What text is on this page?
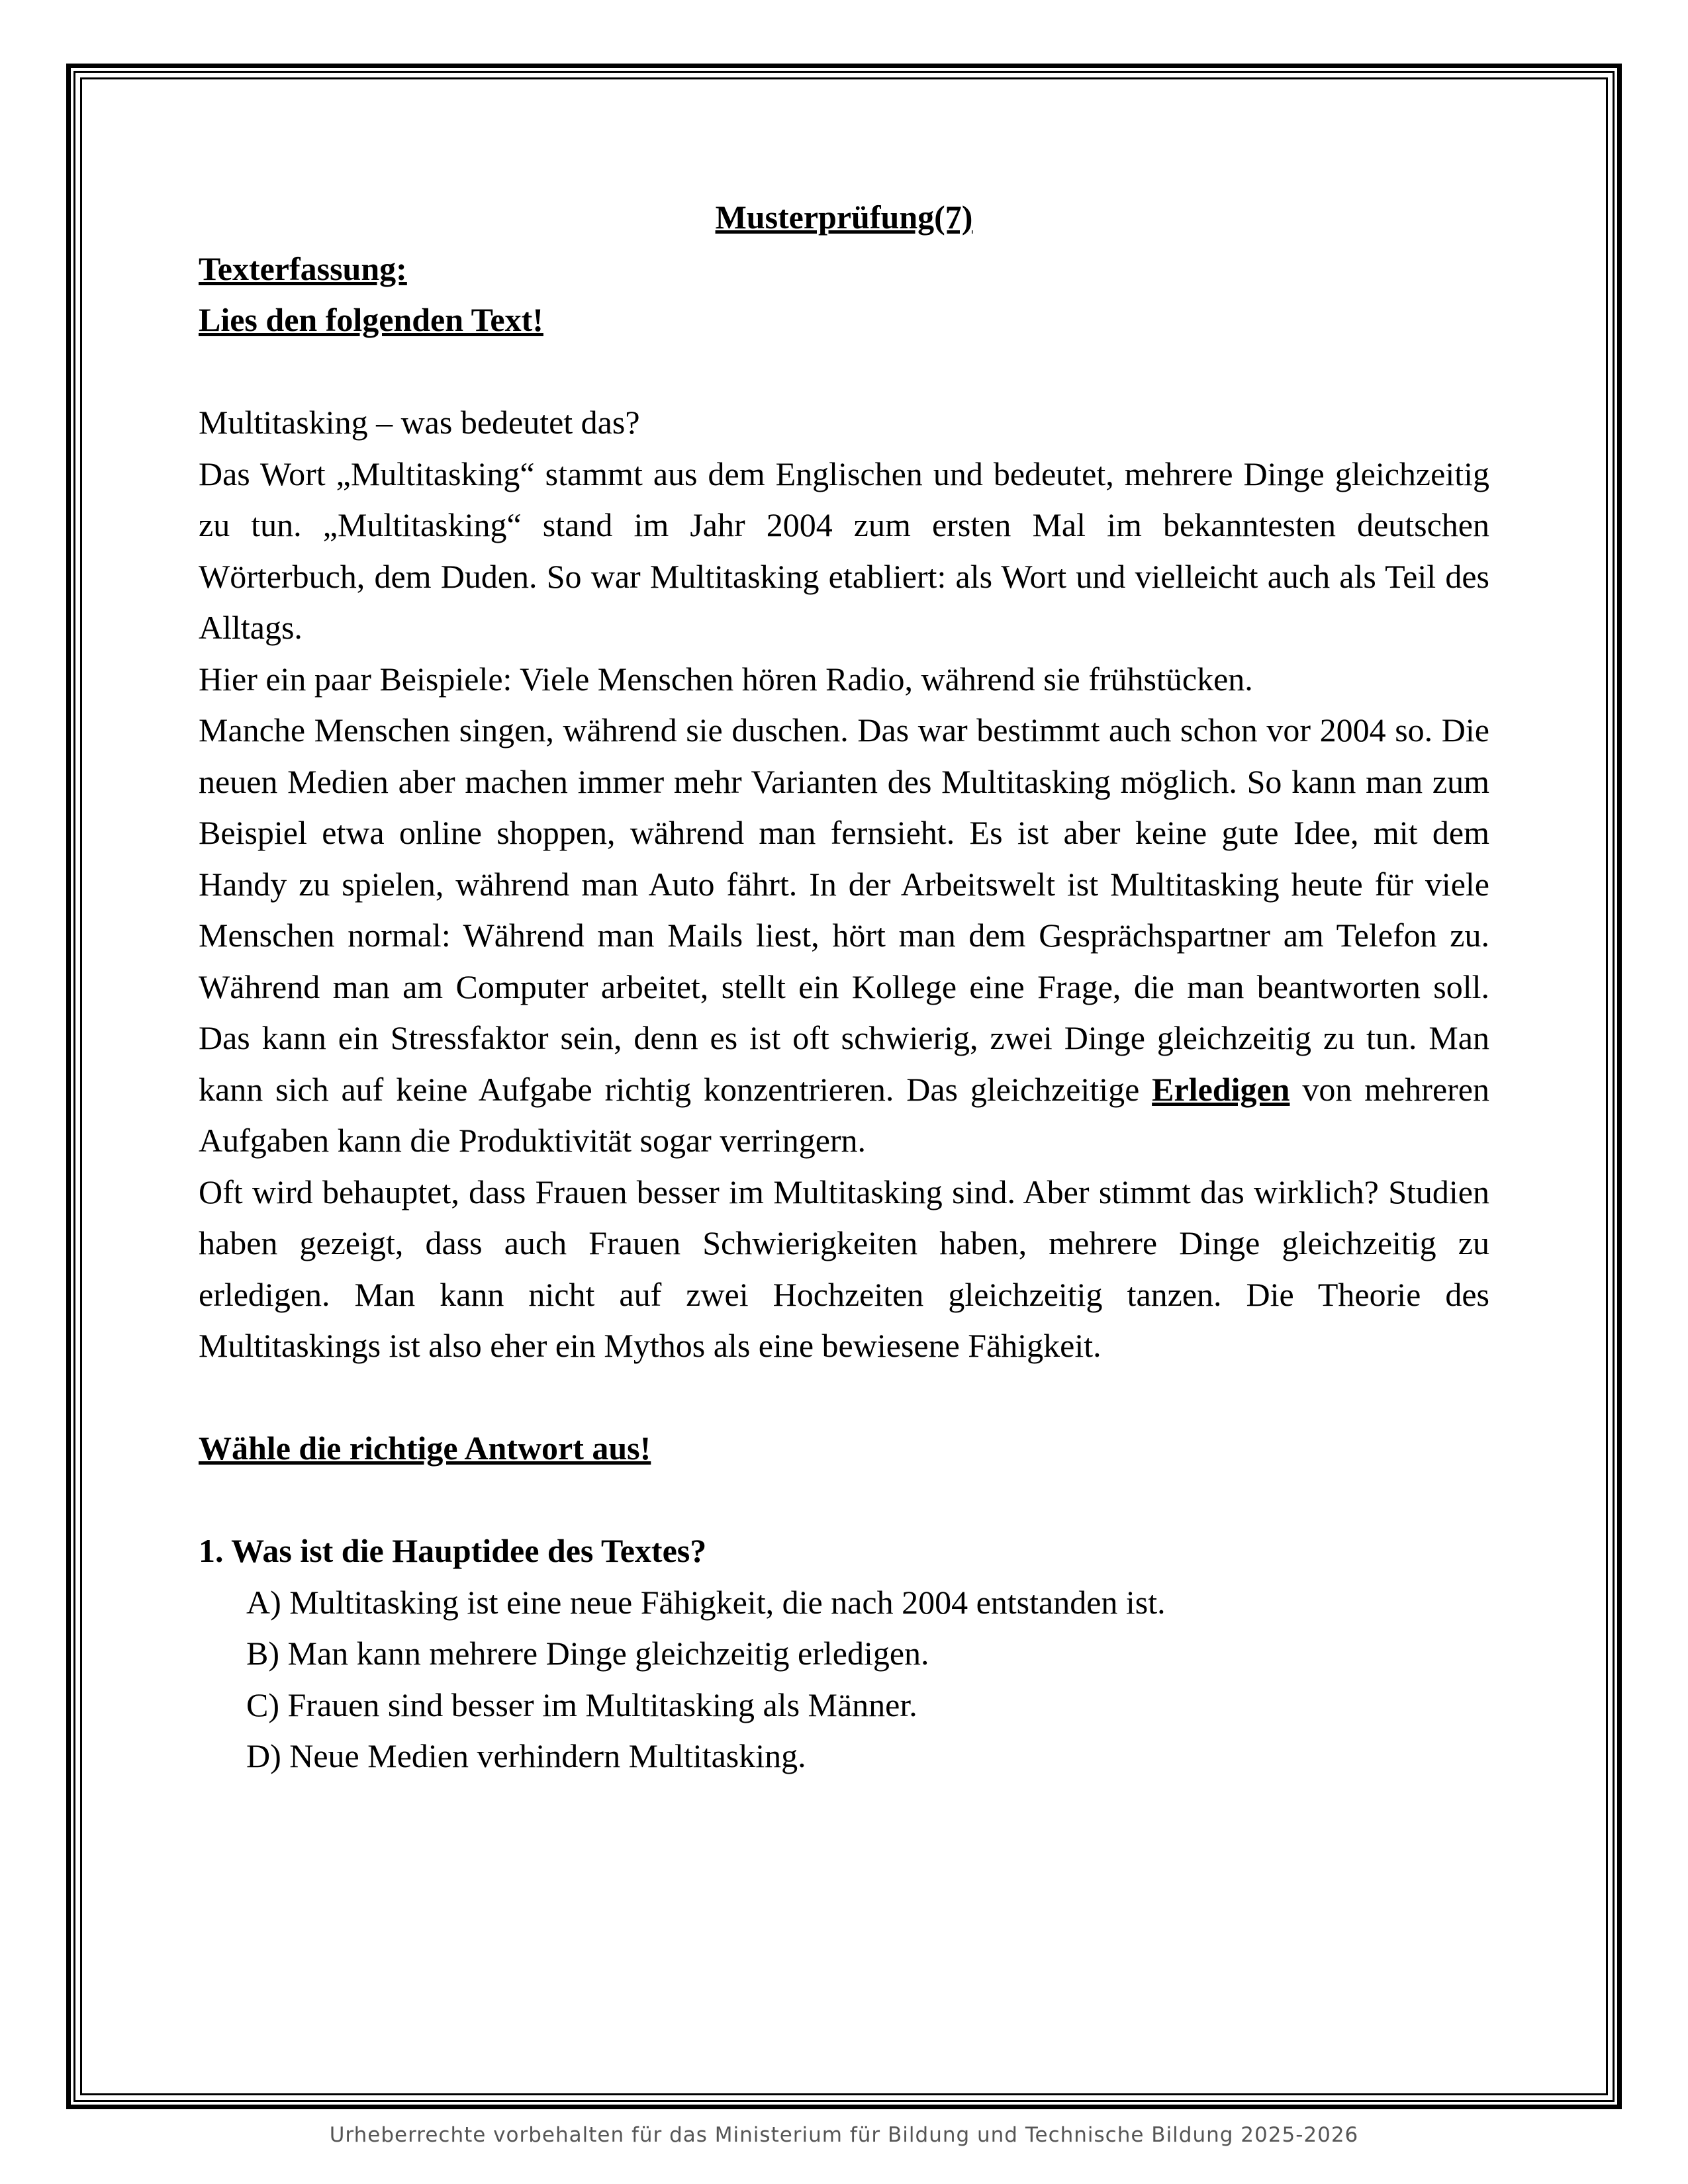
Musterprüfung(7)

Texterfassung:

Lies den folgenden Text!

Multitasking – was bedeutet das?

Das Wort „Multitasking“ stammt aus dem Englischen und bedeutet, mehrere Dinge gleichzeitig zu tun. „Multitasking“ stand im Jahr 2004 zum ersten Mal im bekanntesten deutschen Wörterbuch, dem Duden. So war Multitasking etabliert: als Wort und vielleicht auch als Teil des Alltags.

Hier ein paar Beispiele: Viele Menschen hören Radio, während sie frühstücken.

Manche Menschen singen, während sie duschen. Das war bestimmt auch schon vor 2004 so. Die neuen Medien aber machen immer mehr Varianten des Multitasking möglich. So kann man zum Beispiel etwa online shoppen, während man fernsieht. Es ist aber keine gute Idee, mit dem Handy zu spielen, während man Auto fährt. In der Arbeitswelt ist Multitasking heute für viele Menschen normal: Während man Mails liest, hört man dem Gesprächspartner am Telefon zu. Während man am Computer arbeitet, stellt ein Kollege eine Frage, die man beantworten soll. Das kann ein Stressfaktor sein, denn es ist oft schwierig, zwei Dinge gleichzeitig zu tun. Man kann sich auf keine Aufgabe richtig konzentrieren. Das gleichzeitige Erledigen von mehreren Aufgaben kann die Produktivität sogar verringern.

Oft wird behauptet, dass Frauen besser im Multitasking sind. Aber stimmt das wirklich? Studien haben gezeigt, dass auch Frauen Schwierigkeiten haben, mehrere Dinge gleichzeitig zu erledigen. Man kann nicht auf zwei Hochzeiten gleichzeitig tanzen. Die Theorie des Multitaskings ist also eher ein Mythos als eine bewiesene Fähigkeit.

Wähle die richtige Antwort aus!

1. Was ist die Hauptidee des Textes?

A) Multitasking ist eine neue Fähigkeit, die nach 2004 entstanden ist.

B) Man kann mehrere Dinge gleichzeitig erledigen.

C) Frauen sind besser im Multitasking als Männer.

D) Neue Medien verhindern Multitasking.

Urheberrechte vorbehalten für das Ministerium für Bildung und Technische Bildung 2025-2026
